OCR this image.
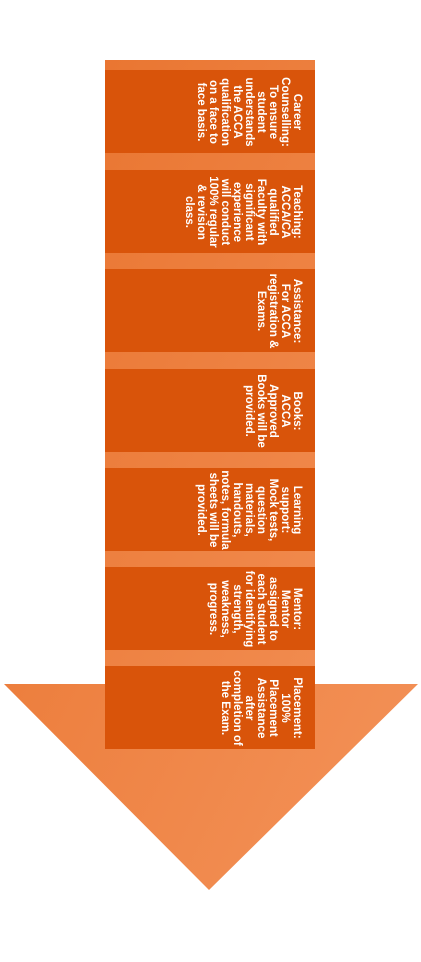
Career Counselling:
To ensure student understands the ACCA qualification on a face to face basis.
Teaching:
ACCA/CA qualified Faculty with significant experience will conduct 100% regular & revision class.
Assistance:
For ACCA registration & Exams.
Books:
ACCA Approved Books will be provided.
Learning support:
Mock tests, question materials, handouts, notes, formula sheets will be provided.
Mentor:
Mentor assigned to each student for identifying strength, weakness, progress.
Placement:
100% Placement Assistance after completion of the Exam.
